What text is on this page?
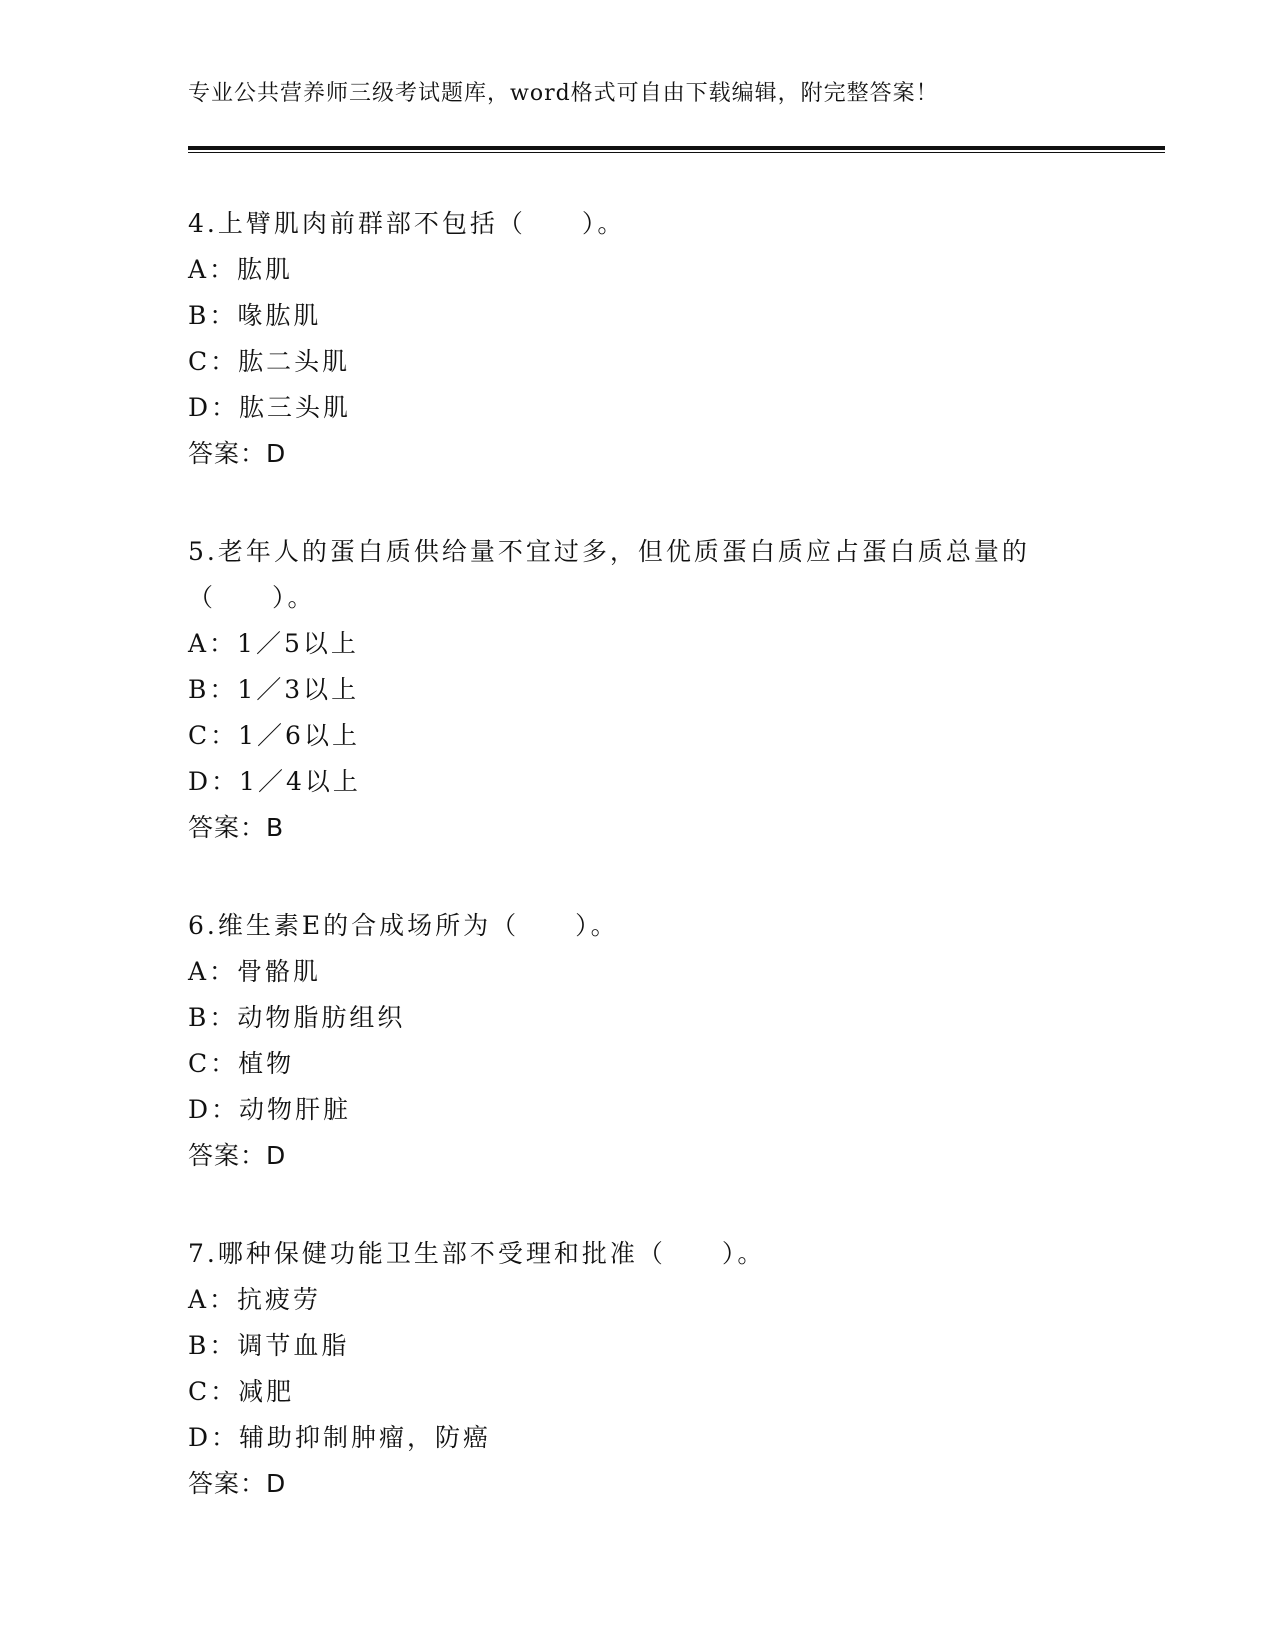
专业公共营养师三级考试题库，word格式可自由下载编辑，附完整答案！
4.上臂肌肉前群部不包括（　　）。
A：肱肌
B：喙肱肌
C：肱二头肌
D：肱三头肌
答案：D
5.老年人的蛋白质供给量不宜过多，但优质蛋白质应占蛋白质总量的
（　　）。
A：1／5以上
B：1／3以上
C：1／6以上
D：1／4以上
答案：B
6.维生素E的合成场所为（　　）。
A：骨骼肌
B：动物脂肪组织
C：植物
D：动物肝脏
答案：D
7.哪种保健功能卫生部不受理和批准（　　）。
A：抗疲劳
B：调节血脂
C：减肥
D：辅助抑制肿瘤，防癌
答案：D
